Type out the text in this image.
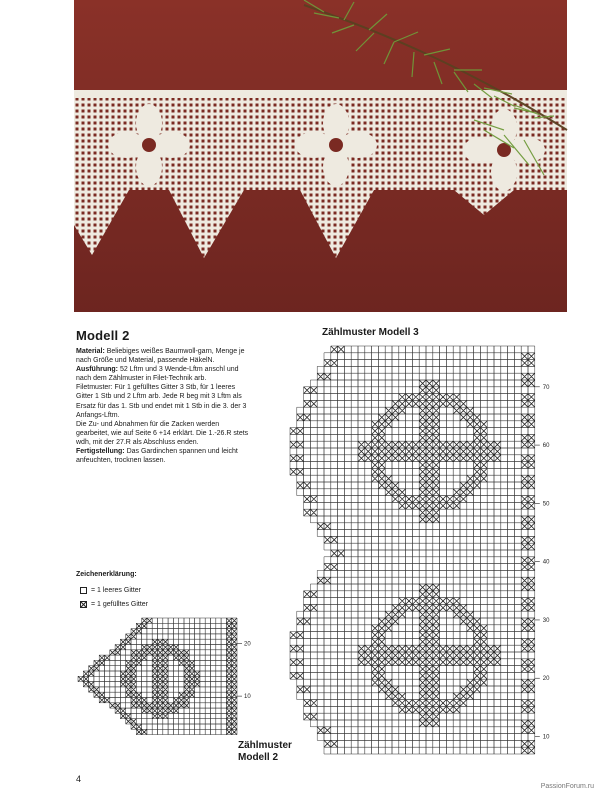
Modell 2

Material: Beliebiges weißes Baumwoll-garn, Menge je nach Größe und Material, passende HäkelN.

Ausführung: 52 Lftm und 3 Wende-Lftm anschl und nach dem Zählmuster in Filet-Technik arb.

Filetmuster: Für 1 gefülltes Gitter 3 Stb, für 1 leeres Gitter 1 Stb und 2 Lftm arb. Jede R beg mit 3 Lftm als Ersatz für das 1. Stb und endet mit 1 Stb in die 3. der 3 Anfangs-Lftm.

Die Zu- und Abnahmen für die Zacken werden gearbeitet, wie auf Seite 6 +14 erklärt. Die 1.-26.R stets wdh, mit der 27.R als Abschluss enden.

Fertigstellung: Das Gardinchen spannen und leicht anfeuchten, trocknen lassen.

Zeichenerklärung:
= 1 leeres Gitter
= 1 gefülltes Gitter
Zählmuster Modell 3
70
60
50
40
30
20
10
20
10
Zählmuster
Modell 2
4
PassionForum.ru
